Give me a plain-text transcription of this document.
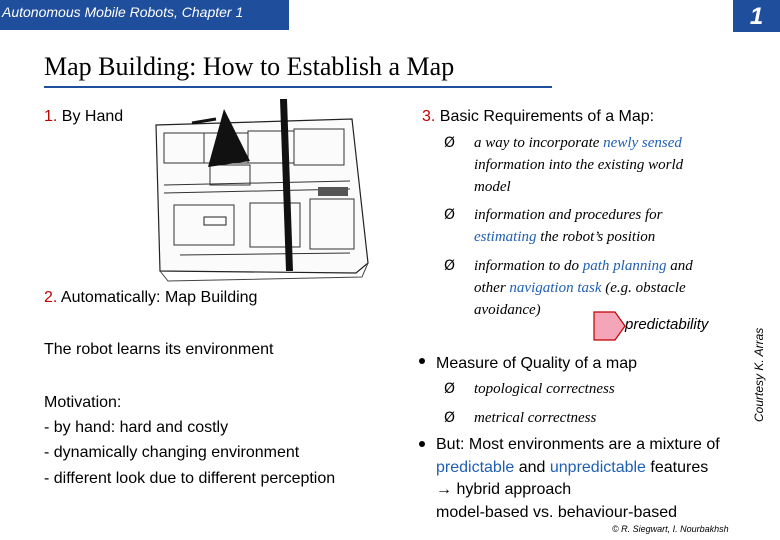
Autonomous Mobile Robots, Chapter 1	1
Map Building: How to Establish a Map
1. By Hand
2. Automatically: Map Building
The robot learns its environment
Motivation:
- by hand: hard and costly
- dynamically changing environment
- different look due to different perception
3. Basic Requirements of a Map:
Ø a way to incorporate newly sensed
information into the existing world
model
Ø information and procedures for
estimating the robot’s position
Ø information to do path planning and
other navigation task (e.g. obstacle
avoidance)
predictability
Measure of Quality of a map
Ø topological correctness
Ø metrical correctness
But: Most environments are a mixture of
predictable and unpredictable features
→ hybrid approach
model-based vs. behaviour-based
Courtesy K. Arras
© R. Siegwart, I. Nourbakhsh
